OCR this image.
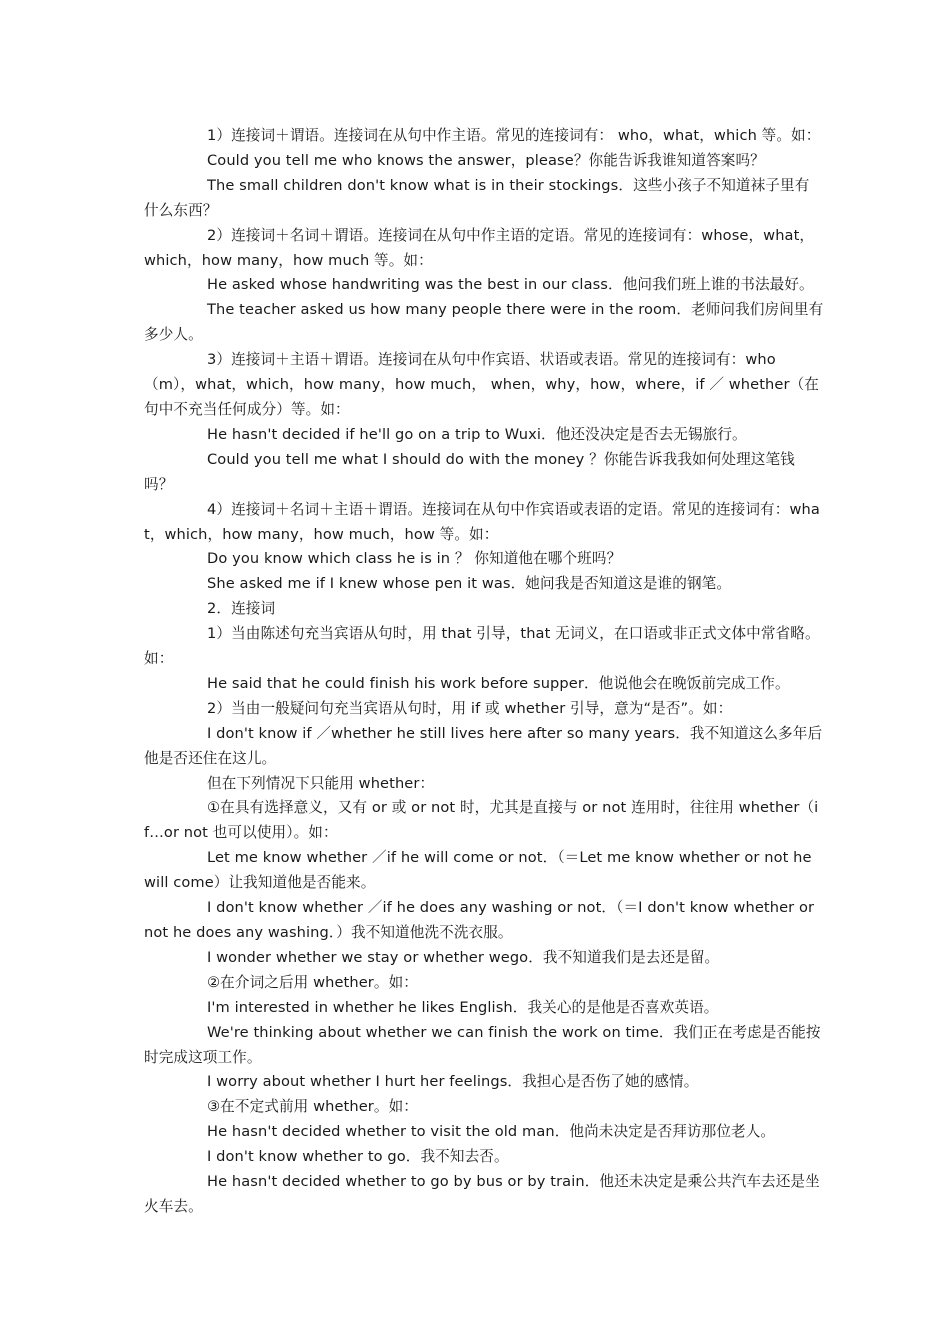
1）连接词＋谓语。连接词在从句中作主语。常见的连接词有： who，what，which 等。如：

Could you tell me who knows the answer，please？你能告诉我谁知道答案吗？

The small children don't know what is in their stockings．这些小孩子不知道袜子里有什么东西？

2）连接词＋名词＋谓语。连接词在从句中作主语的定语。常见的连接词有：whose，what，which，how many，how much 等。如：

He asked whose handwriting was the best in our class．他问我们班上谁的书法最好。

The teacher asked us how many people there were in the room．老师问我们房间里有多少人。

3）连接词＋主语＋谓语。连接词在从句中作宾语、状语或表语。常见的连接词有：who（m），what，which，how many，how much， when，why，how，where，if ／ whether（在句中不充当任何成分）等。如：

He hasn't decided if he'll go on a trip to Wuxi．他还没决定是否去无锡旅行。

Could you tell me what I should do with the money ？你能告诉我我如何处理这笔钱吗？

4）连接词＋名词＋主语＋谓语。连接词在从句中作宾语或表语的定语。常见的连接词有：what，which，how many，how much，how 等。如：

Do you know which class he is in ？ 你知道他在哪个班吗？

She asked me if I knew whose pen it was．她问我是否知道这是谁的钢笔。

2．连接词

1）当由陈述句充当宾语从句时，用 that 引导，that 无词义，在口语或非正式文体中常省略。如：

He said that he could finish his work before supper．他说他会在晚饭前完成工作。

2）当由一般疑问句充当宾语从句时，用 if 或 whether 引导，意为“是否”。如：

I don't know if ／whether he still lives here after so many years．我不知道这么多年后他是否还住在这儿。

但在下列情况下只能用 whether：

①在具有选择意义，又有 or 或 or not 时，尤其是直接与 or not 连用时，往往用 whether（if…or not 也可以使用）。如：

Let me know whether ／if he will come or not．（＝Let me know whether or not he will come）让我知道他是否能来。

I don't know whether ／if he does any washing or not．（＝I don't know whether or not he does any washing．）我不知道他洗不洗衣服。

I wonder whether we stay or whether wego．我不知道我们是去还是留。

②在介词之后用 whether。如：

I'm interested in whether he likes English．我关心的是他是否喜欢英语。

We're thinking about whether we can finish the work on time．我们正在考虑是否能按时完成这项工作。

I worry about whether I hurt her feelings．我担心是否伤了她的感情。

③在不定式前用 whether。如：

He hasn't decided whether to visit the old man．他尚未决定是否拜访那位老人。

I don't know whether to go．我不知去否。

He hasn't decided whether to go by bus or by train．他还未决定是乘公共汽车去还是坐火车去。
